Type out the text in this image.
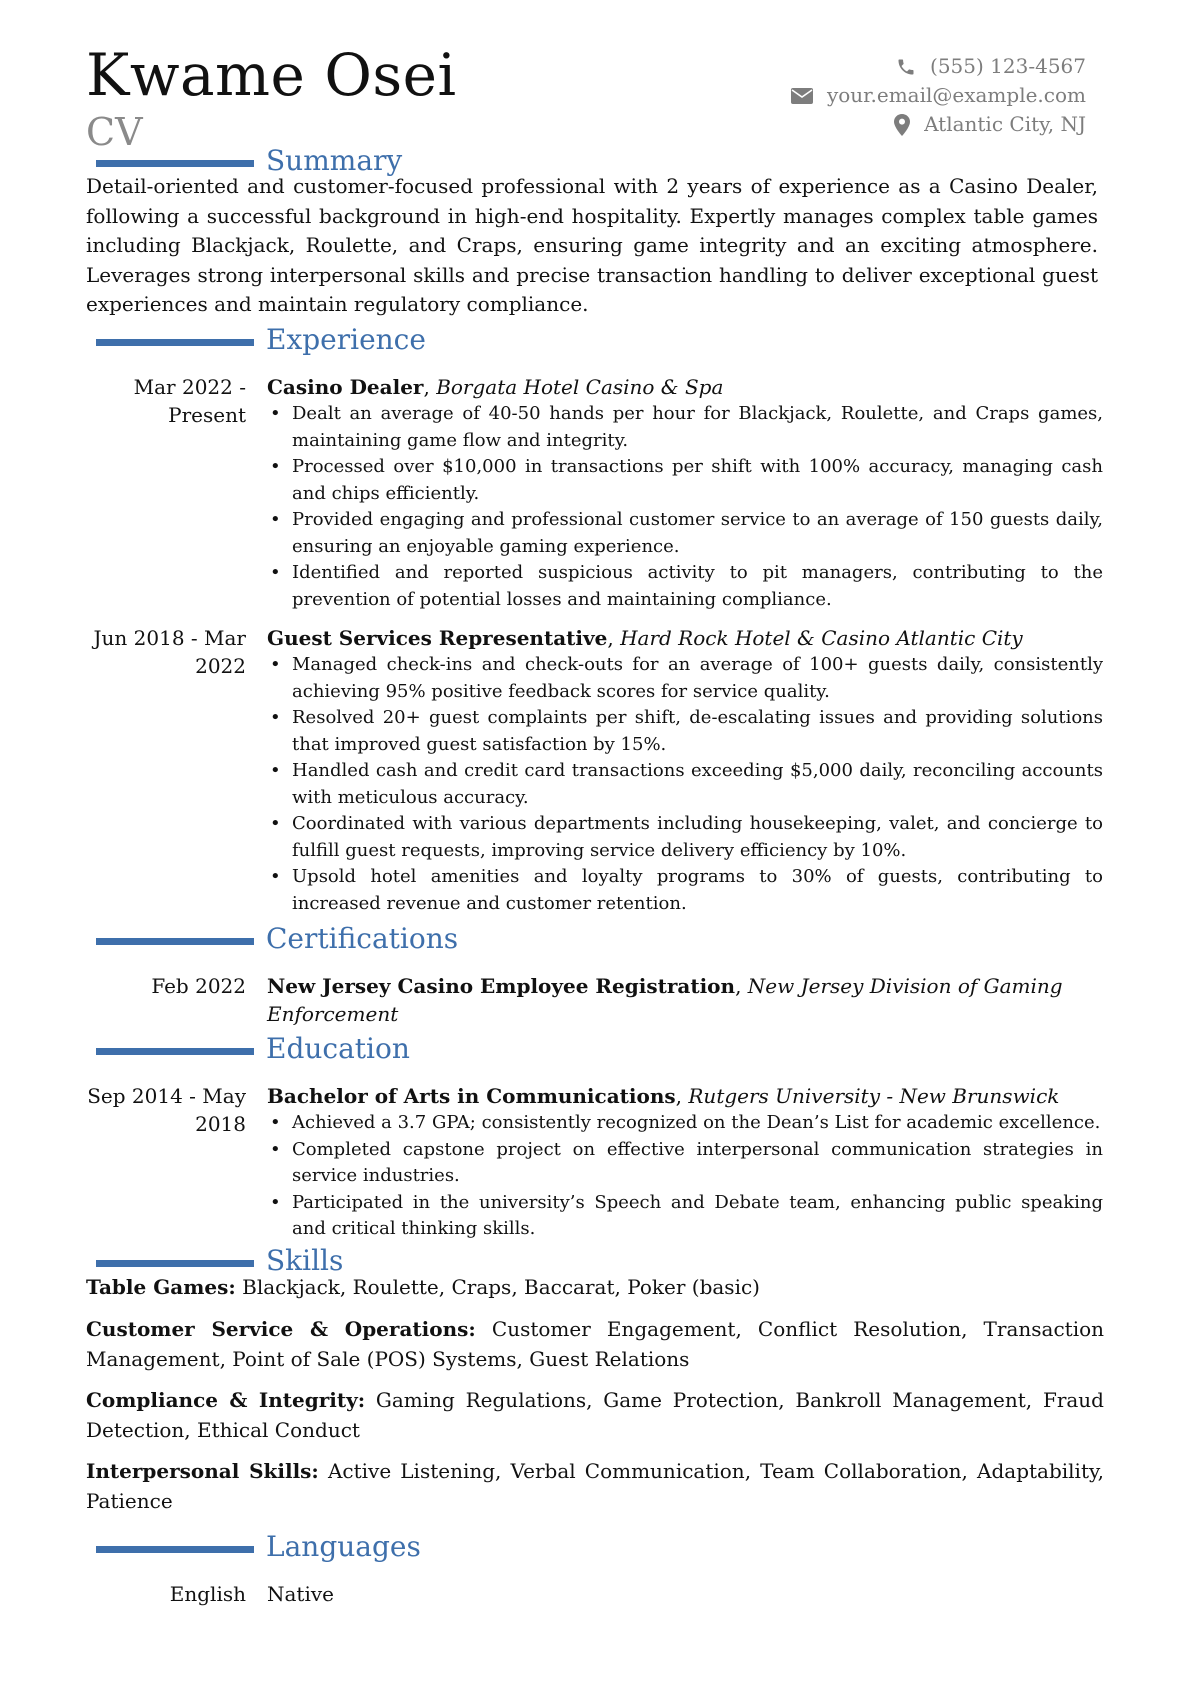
Kwame Osei
CV
(555) 123-4567
your.email@example.com
Atlantic City, NJ
Summary
Detail-oriented and customer-focused professional with 2 years of experience as a Casino Dealer, following a successful background in high-end hospitality. Expertly manages complex table games including Blackjack, Roulette, and Craps, ensuring game integrity and an exciting atmosphere. Leverages strong interpersonal skills and precise transaction handling to deliver exceptional guest experiences and maintain regulatory compliance.
Experience
Mar 2022 -
Present
Casino Dealer, Borgata Hotel Casino & Spa
• Dealt an average of 40-50 hands per hour for Blackjack, Roulette, and Craps games, maintaining game flow and integrity.
• Processed over $10,000 in transactions per shift with 100% accuracy, managing cash and chips efficiently.
• Provided engaging and professional customer service to an average of 150 guests daily, ensuring an enjoyable gaming experience.
• Identified and reported suspicious activity to pit managers, contributing to the prevention of potential losses and maintaining compliance.
Jun 2018 - Mar
2022
Guest Services Representative, Hard Rock Hotel & Casino Atlantic City
• Managed check-ins and check-outs for an average of 100+ guests daily, consistently achieving 95% positive feedback scores for service quality.
• Resolved 20+ guest complaints per shift, de-escalating issues and providing solutions that improved guest satisfaction by 15%.
• Handled cash and credit card transactions exceeding $5,000 daily, reconciling accounts with meticulous accuracy.
• Coordinated with various departments including housekeeping, valet, and concierge to fulfill guest requests, improving service delivery efficiency by 10%.
• Upsold hotel amenities and loyalty programs to 30% of guests, contributing to increased revenue and customer retention.
Certifications
Feb 2022 New Jersey Casino Employee Registration, New Jersey Division of Gaming Enforcement
Education
Sep 2014 - May
2018
Bachelor of Arts in Communications, Rutgers University - New Brunswick
• Achieved a 3.7 GPA; consistently recognized on the Dean’s List for academic excellence.
• Completed capstone project on effective interpersonal communication strategies in service industries.
• Participated in the university’s Speech and Debate team, enhancing public speaking and critical thinking skills.
Skills
Table Games: Blackjack, Roulette, Craps, Baccarat, Poker (basic)
Customer Service & Operations: Customer Engagement, Conflict Resolution, Transaction Management, Point of Sale (POS) Systems, Guest Relations
Compliance & Integrity: Gaming Regulations, Game Protection, Bankroll Management, Fraud Detection, Ethical Conduct
Interpersonal Skills: Active Listening, Verbal Communication, Team Collaboration, Adaptability, Patience
Languages
English Native
